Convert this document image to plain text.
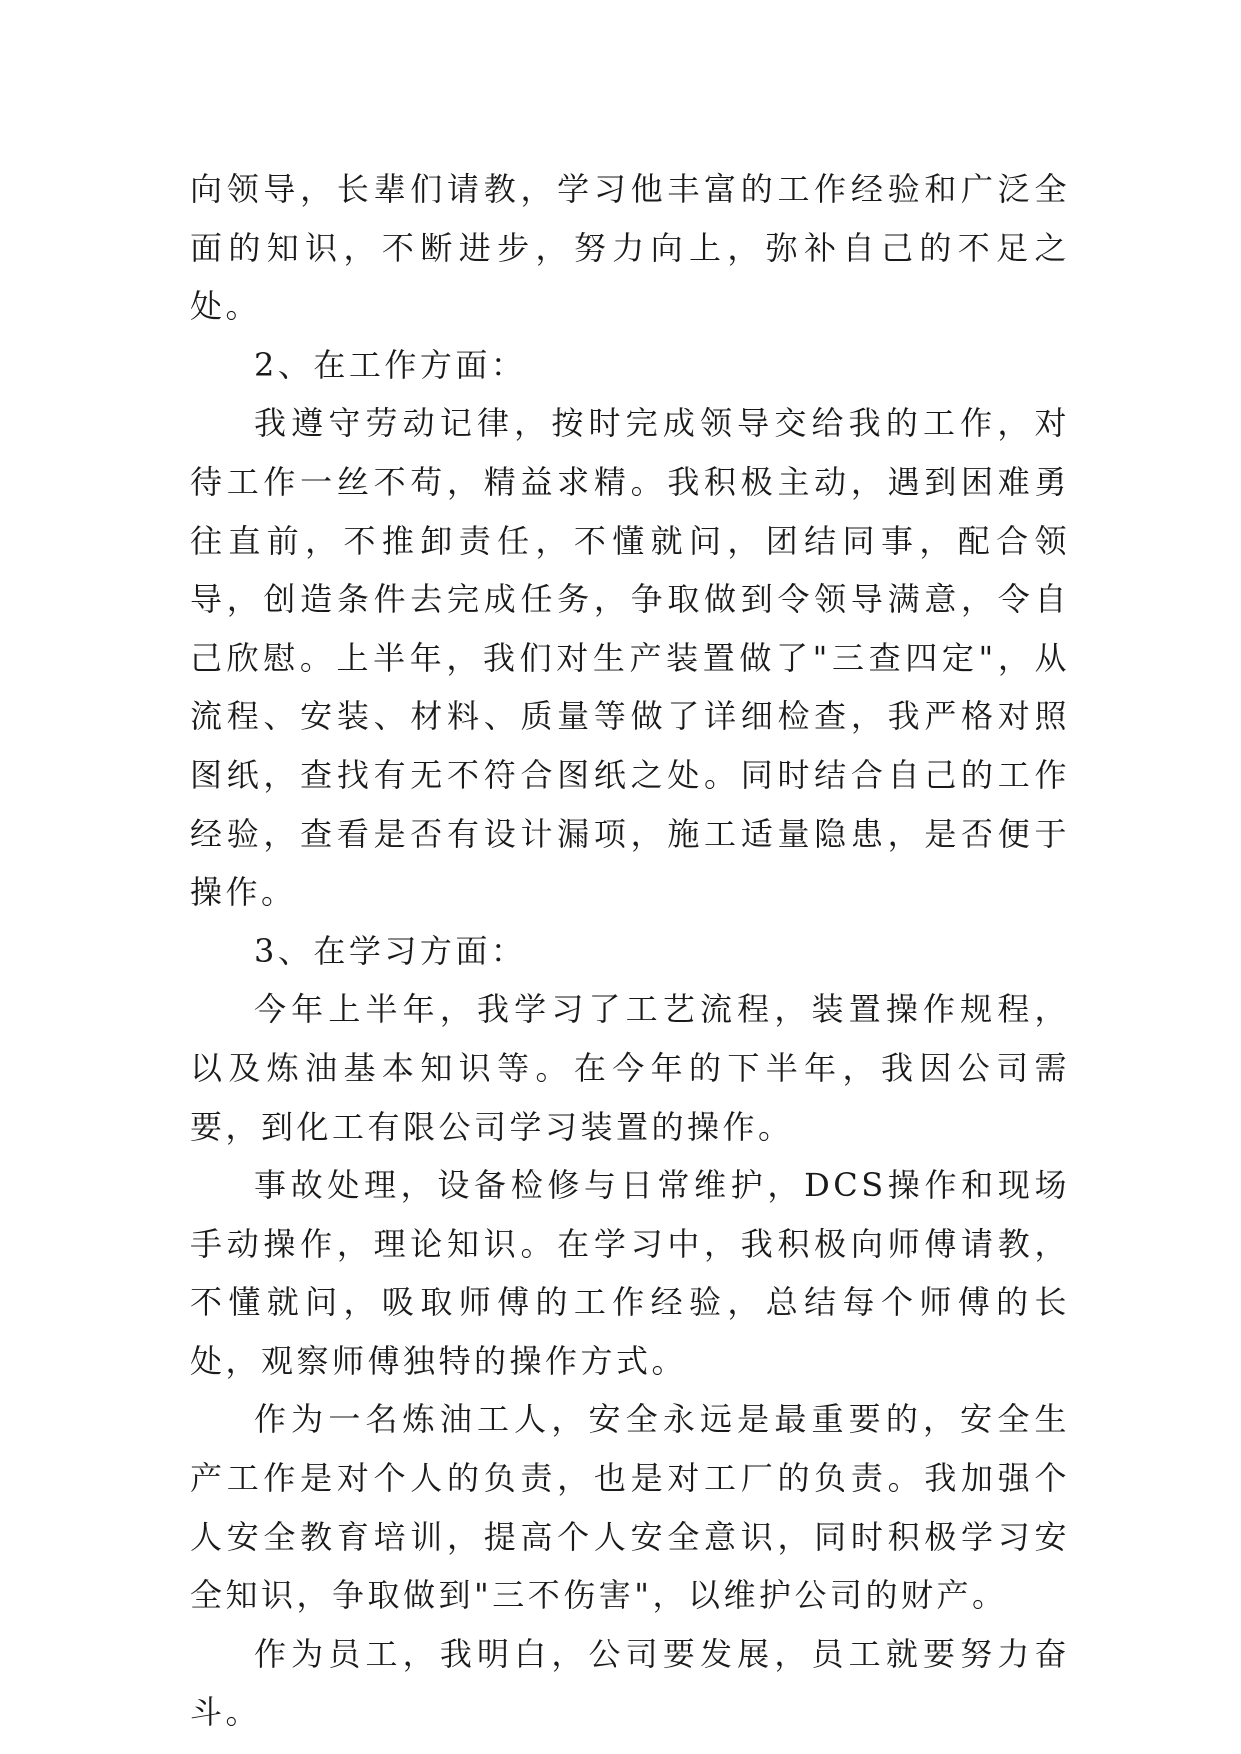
向领导，长辈们请教，学习他丰富的工作经验和广泛全面的知识，不断进步，努力向上，弥补自己的不足之处。

2、在工作方面：

我遵守劳动记律，按时完成领导交给我的工作，对待工作一丝不苟，精益求精。我积极主动，遇到困难勇往直前，不推卸责任，不懂就问，团结同事，配合领导，创造条件去完成任务，争取做到令领导满意，令自己欣慰。上半年，我们对生产装置做了"三查四定"，从流程、安装、材料、质量等做了详细检查，我严格对照图纸，查找有无不符合图纸之处。同时结合自己的工作经验，查看是否有设计漏项，施工适量隐患，是否便于操作。

3、在学习方面：

今年上半年，我学习了工艺流程，装置操作规程，以及炼油基本知识等。在今年的下半年，我因公司需要，到化工有限公司学习装置的操作。

事故处理，设备检修与日常维护，DCS操作和现场手动操作，理论知识。在学习中，我积极向师傅请教，不懂就问，吸取师傅的工作经验，总结每个师傅的长处，观察师傅独特的操作方式。

作为一名炼油工人，安全永远是最重要的，安全生产工作是对个人的负责，也是对工厂的负责。我加强个人安全教育培训，提高个人安全意识，同时积极学习安全知识，争取做到"三不伤害"，以维护公司的财产。

作为员工，我明白，公司要发展，员工就要努力奋斗。
